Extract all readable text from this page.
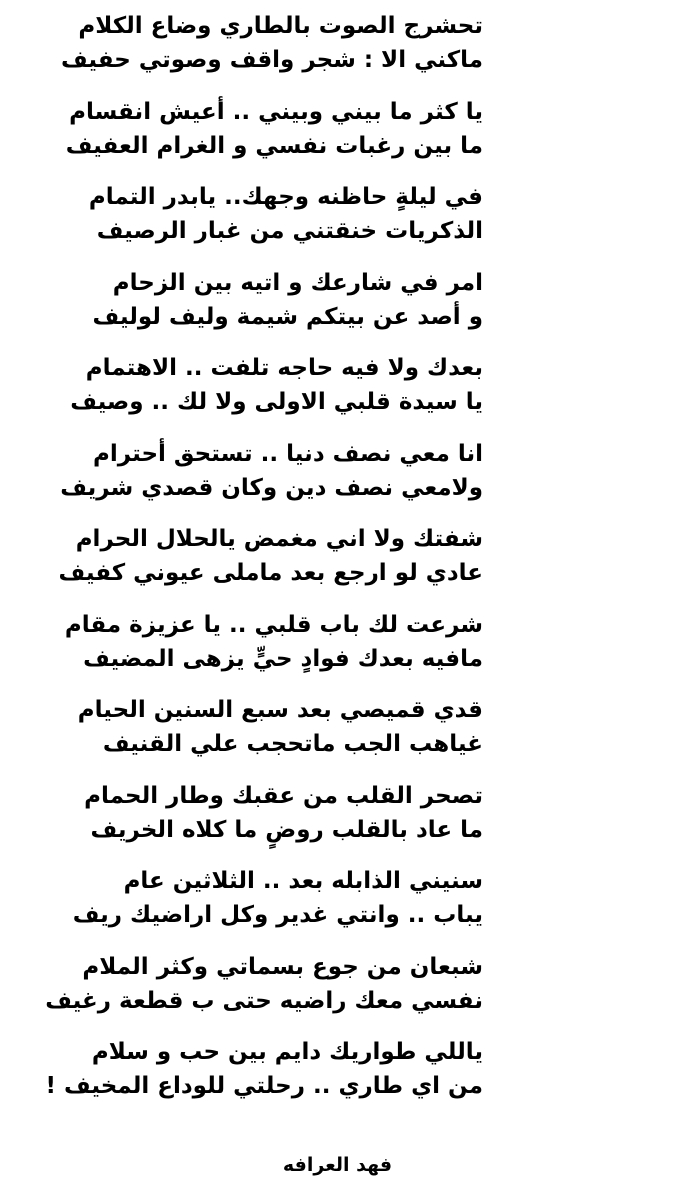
تحشرج الصوت بالطاري وضاع الكلام
ماكني الا : شجر واقف وصوتي حفيف
يا كثر ما بيني وبيني .. أعيش انقسام
ما بين رغبات نفسي و الغرام العفيف
في ليلةٍ حاظنه وجهك.. يابدر التمام
الذكريات خنقتني من غبار الرصيف
امر في شارعك و اتيه بين الزحام
و أصد عن بيتكم شيمة وليف لوليف
بعدك ولا فيه حاجه تلفت .. الاهتمام
يا سيدة قلبي الاولى ولا لك .. وصيف
انا معي نصف دنيا .. تستحق أحترام
ولامعي نصف دين وكان قصدي شريف
شفتك ولا اني مغمض يالحلال الحرام
عادي لو ارجع بعد ماملى عيوني كفيف
شرعت لك باب قلبي .. يا عزيزة مقام
مافيه بعدك فوادٍ حيٍّ يزهى المضيف
قدي قميصي بعد سبع السنين الحيام
غياهب الجب ماتحجب علي القنيف
تصحر القلب من عقبك وطار الحمام
ما عاد بالقلب روضٍ ما كلاه الخريف
سنيني الذابله بعد .. الثلاثين عام
يباب .. وانتي غدير وكل اراضيك ريف
شبعان من جوع بسماتي وكثر الملام
نفسي معك راضيه حتى ب قطعة رغيف
ياللي طواريك دايم بين حب و سلام
من اي طاري .. رحلتي للوداع المخيف !
فهد العرافه
